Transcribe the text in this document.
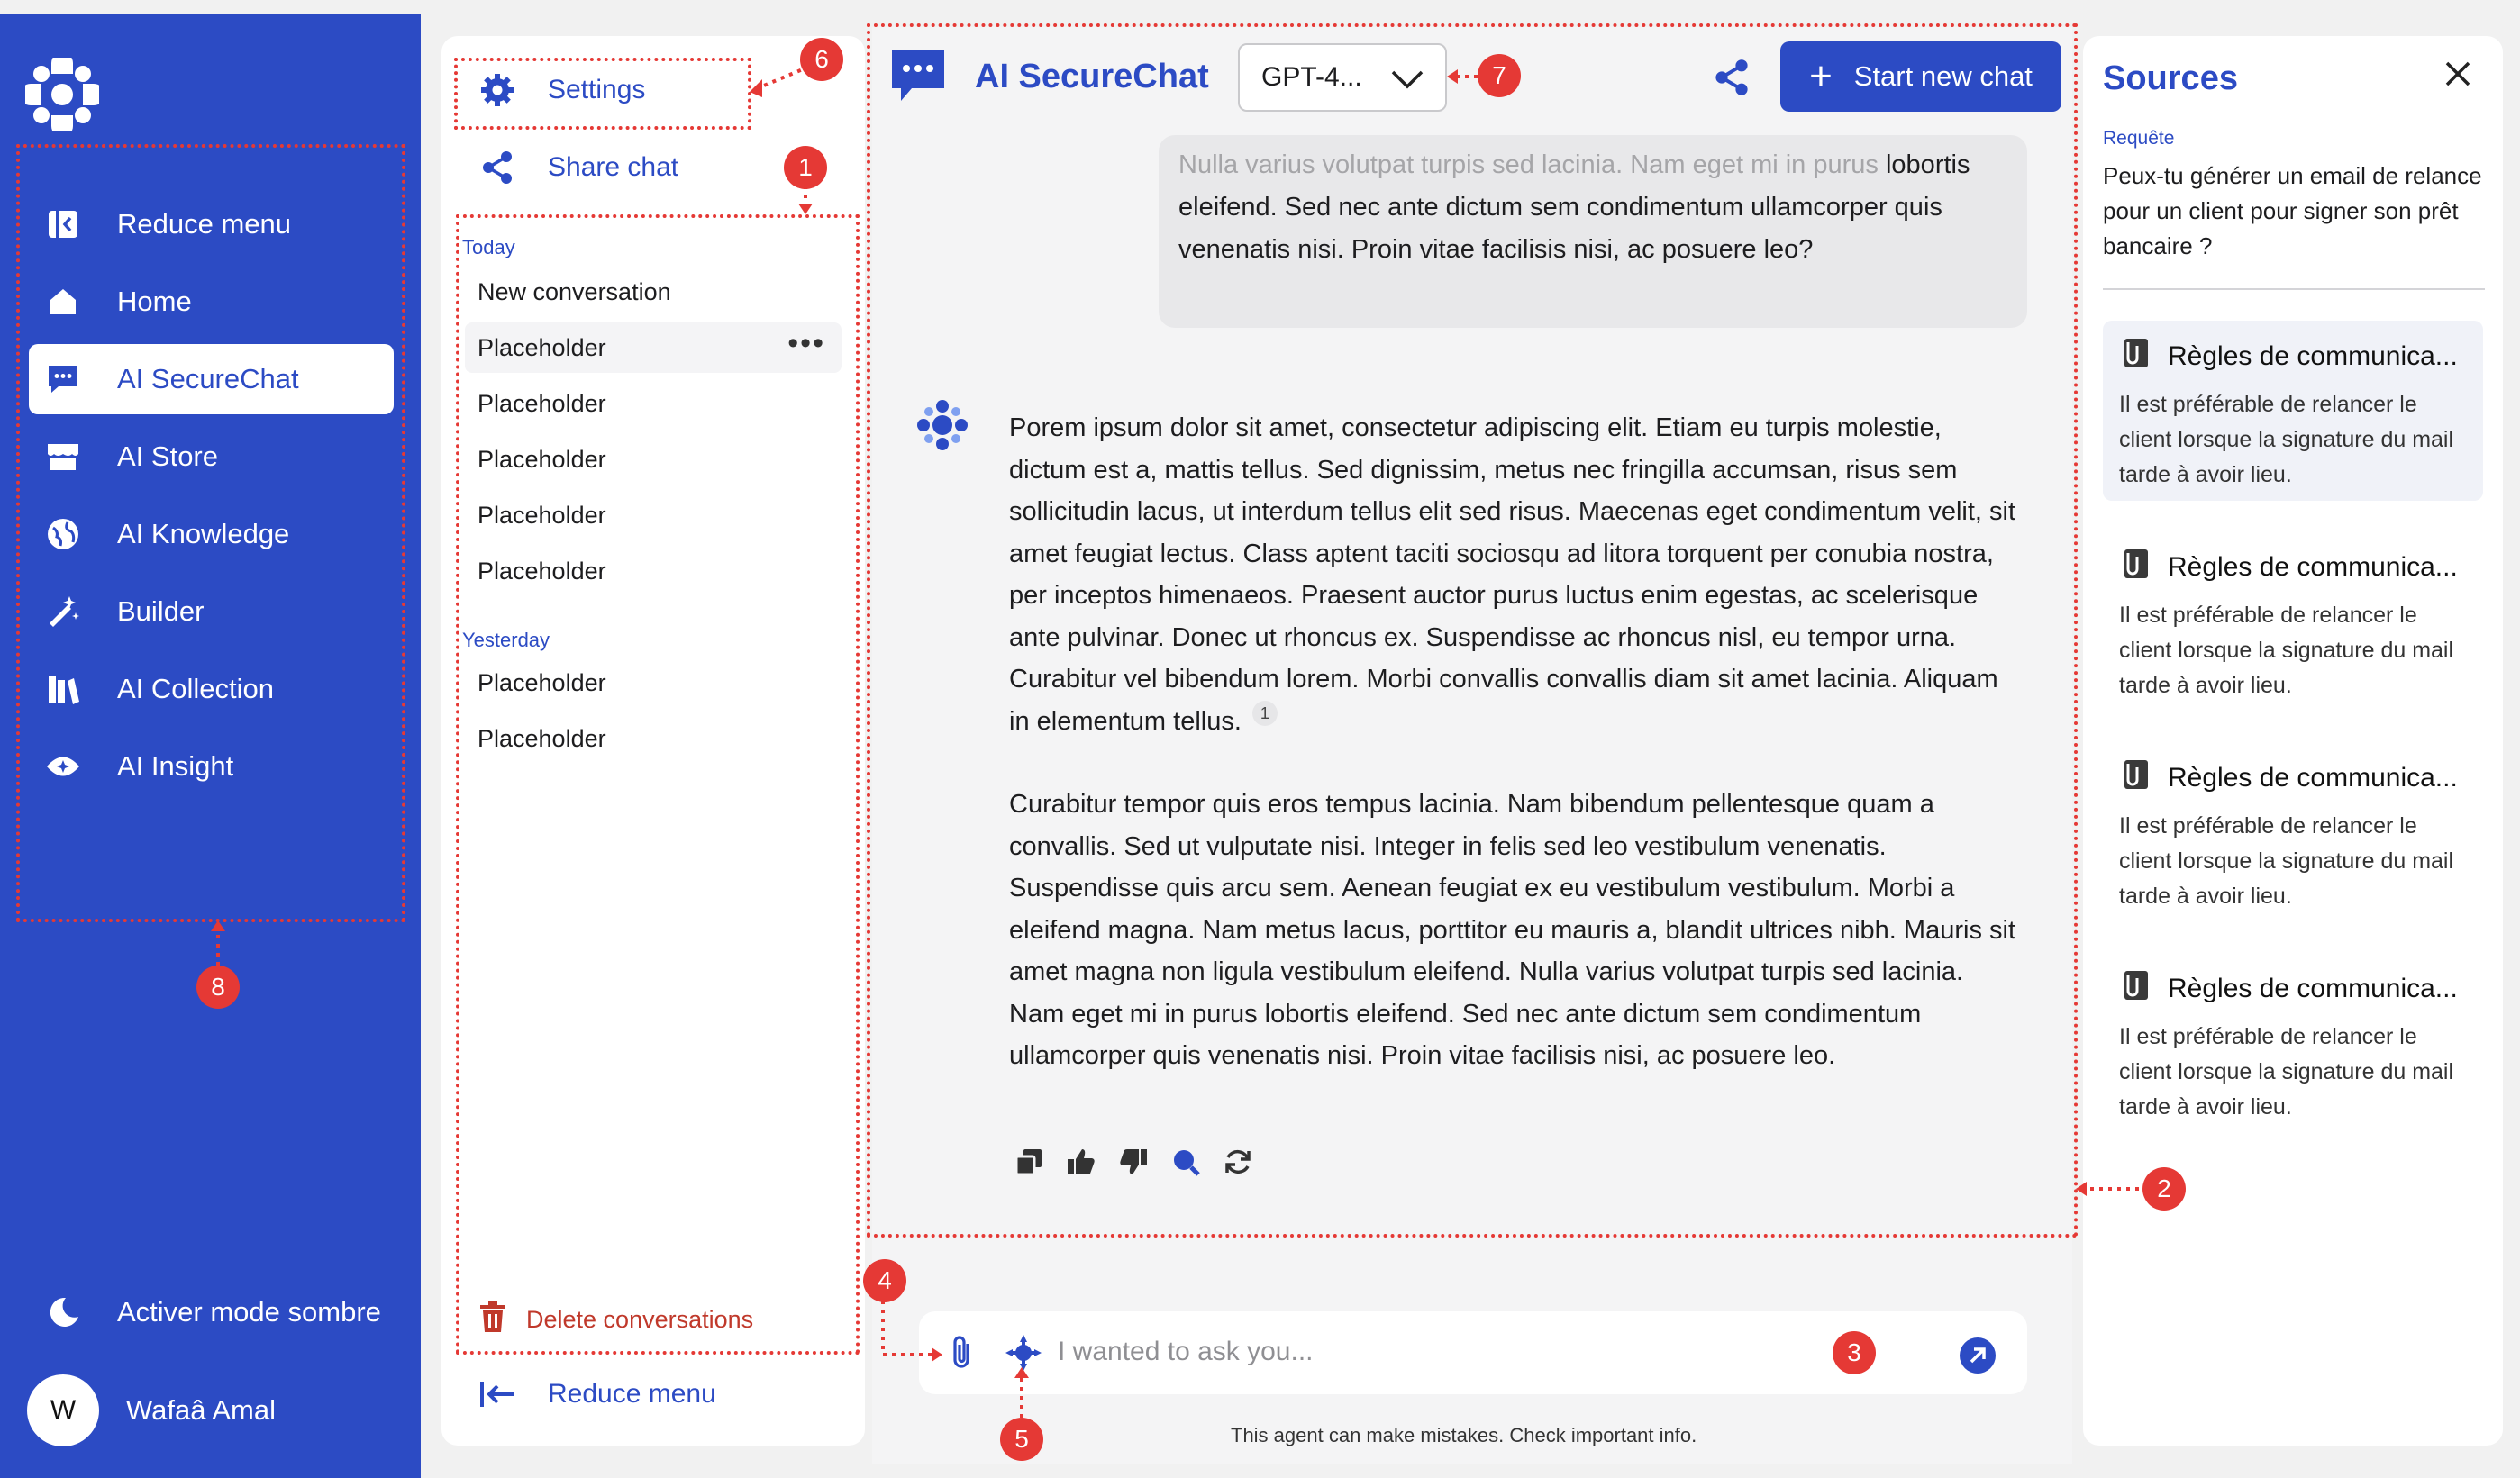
Reduce menu
Home
AI SecureChat
AI Store
AI Knowledge
Builder
AI Collection
AI Insight
Activer mode sombre
W	Wafaâ Amal
Settings
Share chat
Today
New conversation
Placeholder	•••
Placeholder
Placeholder
Placeholder
Placeholder
Yesterday
Placeholder
Placeholder
Delete conversations
Reduce menu
AI SecureChat GPT-4...	+ Start new chat
Nulla varius volutpat turpis sed lacinia. Nam eget mi in purus lobortis eleifend. Sed nec ante dictum sem condimentum ullamcorper quis venenatis nisi. Proin vitae facilisis nisi, ac posuere leo?

Porem ipsum dolor sit amet, consectetur adipiscing elit. Etiam eu turpis molestie, dictum est a, mattis tellus. Sed dignissim, metus nec fringilla accumsan, risus sem sollicitudin lacus, ut interdum tellus elit sed risus. Maecenas eget condimentum velit, sit amet feugiat lectus. Class aptent taciti sociosqu ad litora torquent per conubia nostra, per inceptos himenaeos. Praesent auctor purus luctus enim egestas, ac scelerisque ante pulvinar. Donec ut rhoncus ex. Suspendisse ac rhoncus nisl, eu tempor urna. Curabitur vel bibendum lorem. Morbi convallis convallis diam sit amet lacinia. Aliquam in elementum tellus. 1

Curabitur tempor quis eros tempus lacinia. Nam bibendum pellentesque quam a convallis. Sed ut vulputate nisi. Integer in felis sed leo vestibulum venenatis. Suspendisse quis arcu sem. Aenean feugiat ex eu vestibulum vestibulum. Morbi a eleifend magna. Nam metus lacus, porttitor eu mauris a, blandit ultrices nibh. Mauris sit amet magna non ligula vestibulum eleifend. Nulla varius volutpat turpis sed lacinia. Nam eget mi in purus lobortis eleifend. Sed nec ante dictum sem condimentum ullamcorper quis venenatis nisi. Proin vitae facilisis nisi, ac posuere leo.

I wanted to ask you...
This agent can make mistakes. Check important info.
Sources
Requête
Peux-tu générer un email de relance pour un client pour signer son prêt bancaire ?
Règles de communica...
Il est préférable de relancer le client lorsque la signature du mail tarde à avoir lieu.
Règles de communica...
Il est préférable de relancer le client lorsque la signature du mail tarde à avoir lieu.
Règles de communica...
Il est préférable de relancer le client lorsque la signature du mail tarde à avoir lieu.
Règles de communica...
Il est préférable de relancer le client lorsque la signature du mail tarde à avoir lieu.
1
2
3
4
5
6
7
8
